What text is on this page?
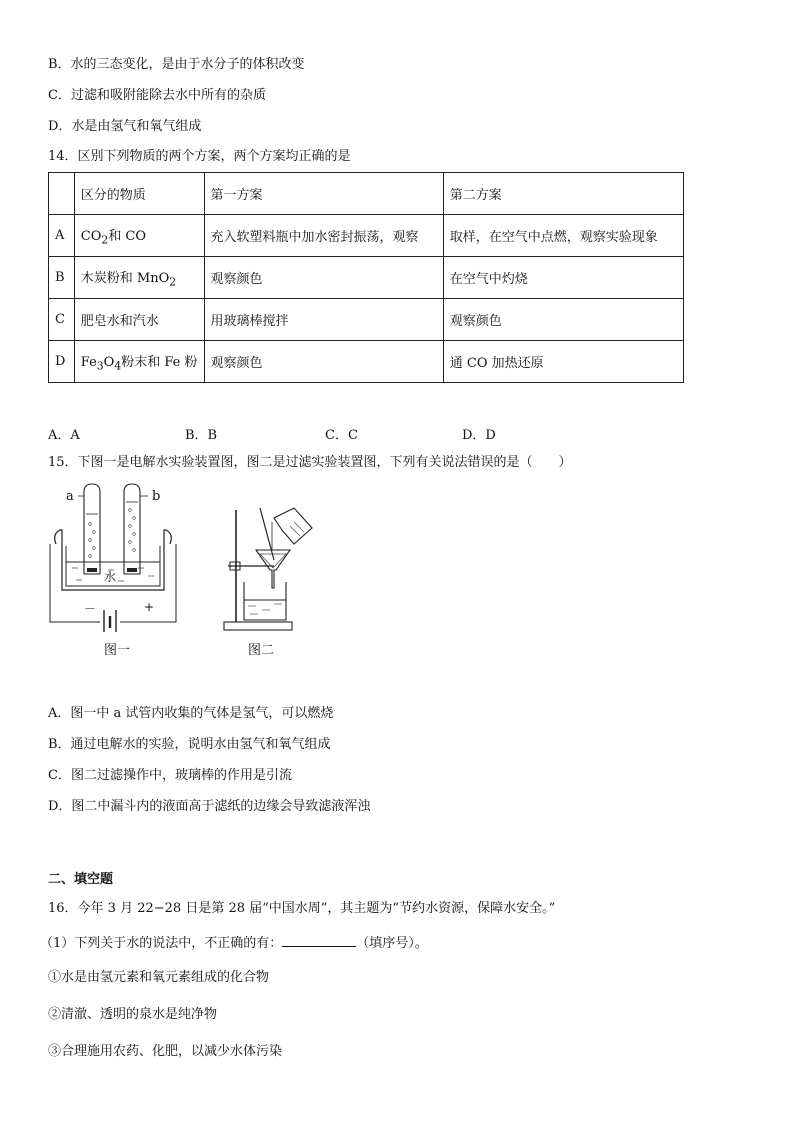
B．水的三态变化，是由于水分子的体积改变
C．过滤和吸附能除去水中所有的杂质
D．水是由氢气和氧气组成
14．区别下列物质的两个方案，两个方案均正确的是
	区分的物质	第一方案	第二方案
A	$CO_2$和 CO	充入软塑料瓶中加水密封振荡，观察	取样，在空气中点燃，观察实验现象
B	木炭粉和 MnO$_2$	观察颜色	在空气中灼烧
C	肥皂水和汽水	用玻璃棒搅拌	观察颜色
D	$Fe_3O_4$粉末和 Fe 粉	观察颜色	通 CO 加热还原
A．A	B．B	C．C	D．D
15．下图一是电解水实验装置图，图二是过滤实验装置图，下列有关说法错误的是（　　）
a	b
水
－	+
图一	图二
A．图一中 a 试管内收集的气体是氢气，可以燃烧
B．通过电解水的实验，说明水由氢气和氧气组成
C．图二过滤操作中，玻璃棒的作用是引流
D．图二中漏斗内的液面高于滤纸的边缘会导致滤液浑浊
二、填空题
16．今年 3 月 22−28 日是第 28 届“中国水周”，其主题为“节约水资源，保障水安全。”
（1）下列关于水的说法中，不正确的有：	（填序号）。
①水是由氢元素和氧元素组成的化合物
②清澈、透明的泉水是纯净物
③合理施用农药、化肥，以减少水体污染
